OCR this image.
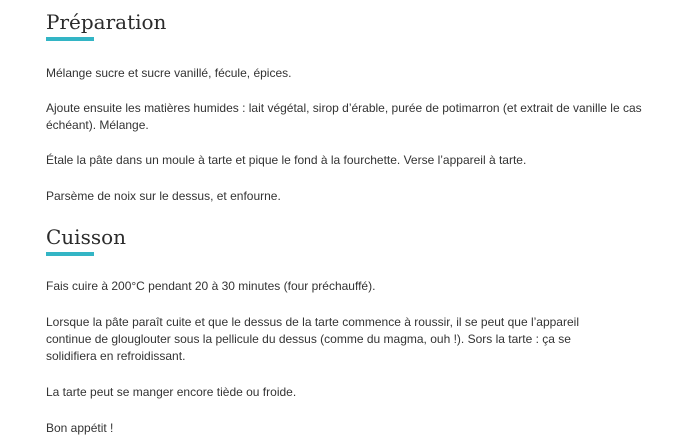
Préparation

Mélange sucre et sucre vanillé, fécule, épices.

Ajoute ensuite les matières humides : lait végétal, sirop d’érable, purée de potimarron (et extrait de vanille le cas échéant). Mélange.

Étale la pâte dans un moule à tarte et pique le fond à la fourchette. Verse l’appareil à tarte.

Parsème de noix sur le dessus, et enfourne.

Cuisson

Fais cuire à 200°C pendant 20 à 30 minutes (four préchauffé).

Lorsque la pâte paraît cuite et que le dessus de la tarte commence à roussir, il se peut que l’appareil continue de glouglouter sous la pellicule du dessus (comme du magma, ouh !). Sors la tarte : ça se solidifiera en refroidissant.

La tarte peut se manger encore tiède ou froide.

Bon appétit !
